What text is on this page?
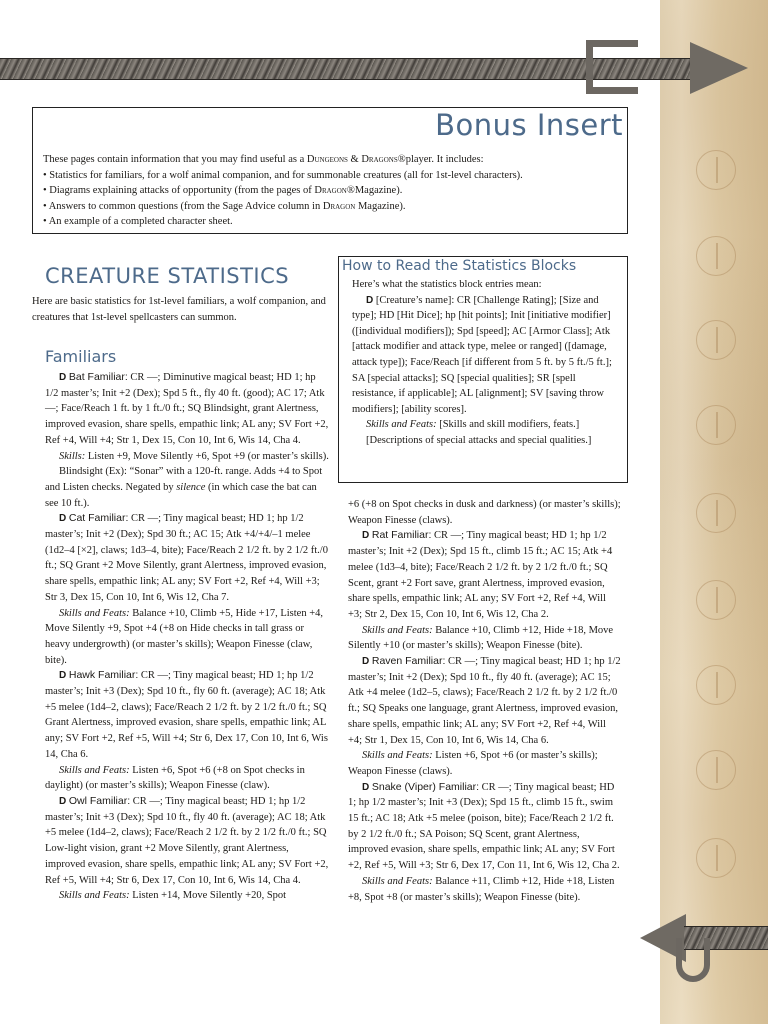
Bonus Insert
These pages contain information that you may find useful as a Dungeons & Dragons®player. It includes:
• Statistics for familiars, for a wolf animal companion, and for summonable creatures (all for 1st-level characters).
• Diagrams explaining attacks of opportunity (from the pages of Dragon®Magazine).
• Answers to common questions (from the Sage Advice column in Dragon Magazine).
• An example of a completed character sheet.
CREATURE STATISTICS

Here are basic statistics for 1st-level familiars, a wolf companion, and creatures that 1st-level spellcasters can summon.

Familiars
How to Read the Statistics Blocks

Here’s what the statistics block entries mean:

D [Creature’s name]: CR [Challenge Rating]; [Size and type]; HD [Hit Dice]; hp [hit points]; Init [initiative modifier] ([individual modifiers]); Spd [speed]; AC [Armor Class]; Atk [attack modifier and attack type, melee or ranged] ([damage, attack type]); Face/Reach [if different from 5 ft. by 5 ft./5 ft.]; SA [special attacks]; SQ [special qualities]; SR [spell resistance, if applicable]; AL [alignment]; SV [saving throw modifiers]; [ability scores].

Skills and Feats: [Skills and skill modifiers, feats.]

[Descriptions of special attacks and special qualities.]

D Bat Familiar: CR —; Diminutive magical beast; HD 1; hp 1/2 master’s; Init +2 (Dex); Spd 5 ft., fly 40 ft. (good); AC 17; Atk —; Face/Reach 1 ft. by 1 ft./0 ft.; SQ Blindsight, grant Alertness, improved evasion, share spells, empathic link; AL any; SV Fort +2, Ref +4, Will +4; Str 1, Dex 15, Con 10, Int 6, Wis 14, Cha 4.

Skills: Listen +9, Move Silently +6, Spot +9 (or master’s skills).

Blindsight (Ex): “Sonar” with a 120-ft. range. Adds +4 to Spot and Listen checks. Negated by silence (in which case the bat can see 10 ft.).

D Cat Familiar: CR —; Tiny magical beast; HD 1; hp 1/2 master’s; Init +2 (Dex); Spd 30 ft.; AC 15; Atk +4/+4/–1 melee (1d2–4 [×2], claws; 1d3–4, bite); Face/Reach 2 1/2 ft. by 2 1/2 ft./0 ft.; SQ Grant +2 Move Silently, grant Alertness, improved evasion, share spells, empathic link; AL any; SV Fort +2, Ref +4, Will +3; Str 3, Dex 15, Con 10, Int 6, Wis 12, Cha 7.

Skills and Feats: Balance +10, Climb +5, Hide +17, Listen +4, Move Silently +9, Spot +4 (+8 on Hide checks in tall grass or heavy undergrowth) (or master’s skills); Weapon Finesse (claw, bite).

D Hawk Familiar: CR —; Tiny magical beast; HD 1; hp 1/2 master’s; Init +3 (Dex); Spd 10 ft., fly 60 ft. (average); AC 18; Atk +5 melee (1d4–2, claws); Face/Reach 2 1/2 ft. by 2 1/2 ft./0 ft.; SQ Grant Alertness, improved evasion, share spells, empathic link; AL any; SV Fort +2, Ref +5, Will +4; Str 6, Dex 17, Con 10, Int 6, Wis 14, Cha 6.

Skills and Feats: Listen +6, Spot +6 (+8 on Spot checks in daylight) (or master’s skills); Weapon Finesse (claw).

D Owl Familiar: CR —; Tiny magical beast; HD 1; hp 1/2 master’s; Init +3 (Dex); Spd 10 ft., fly 40 ft. (average); AC 18; Atk +5 melee (1d4–2, claws); Face/Reach 2 1/2 ft. by 2 1/2 ft./0 ft.; SQ Low-light vision, grant +2 Move Silently, grant Alertness, improved evasion, share spells, empathic link; AL any; SV Fort +2, Ref +5, Will +4; Str 6, Dex 17, Con 10, Int 6, Wis 14, Cha 4.

Skills and Feats: Listen +14, Move Silently +20, Spot

+6 (+8 on Spot checks in dusk and darkness) (or master’s skills); Weapon Finesse (claws).

D Rat Familiar: CR —; Tiny magical beast; HD 1; hp 1/2 master’s; Init +2 (Dex); Spd 15 ft., climb 15 ft.; AC 15; Atk +4 melee (1d3–4, bite); Face/Reach 2 1/2 ft. by 2 1/2 ft./0 ft.; SQ Scent, grant +2 Fort save, grant Alertness, improved evasion, share spells, empathic link; AL any; SV Fort +2, Ref +4, Will +3; Str 2, Dex 15, Con 10, Int 6, Wis 12, Cha 2.

Skills and Feats: Balance +10, Climb +12, Hide +18, Move Silently +10 (or master’s skills); Weapon Finesse (bite).

D Raven Familiar: CR —; Tiny magical beast; HD 1; hp 1/2 master’s; Init +2 (Dex); Spd 10 ft., fly 40 ft. (average); AC 15; Atk +4 melee (1d2–5, claws); Face/Reach 2 1/2 ft. by 2 1/2 ft./0 ft.; SQ Speaks one language, grant Alertness, improved evasion, share spells, empathic link; AL any; SV Fort +2, Ref +4, Will +4; Str 1, Dex 15, Con 10, Int 6, Wis 14, Cha 6.

Skills and Feats: Listen +6, Spot +6 (or master’s skills); Weapon Finesse (claws).

D Snake (Viper) Familiar: CR —; Tiny magical beast; HD 1; hp 1/2 master’s; Init +3 (Dex); Spd 15 ft., climb 15 ft., swim 15 ft.; AC 18; Atk +5 melee (poison, bite); Face/Reach 2 1/2 ft. by 2 1/2 ft./0 ft.; SA Poison; SQ Scent, grant Alertness, improved evasion, share spells, empathic link; AL any; SV Fort +2, Ref +5, Will +3; Str 6, Dex 17, Con 11, Int 6, Wis 12, Cha 2.

Skills and Feats: Balance +11, Climb +12, Hide +18, Listen +8, Spot +8 (or master’s skills); Weapon Finesse (bite).
